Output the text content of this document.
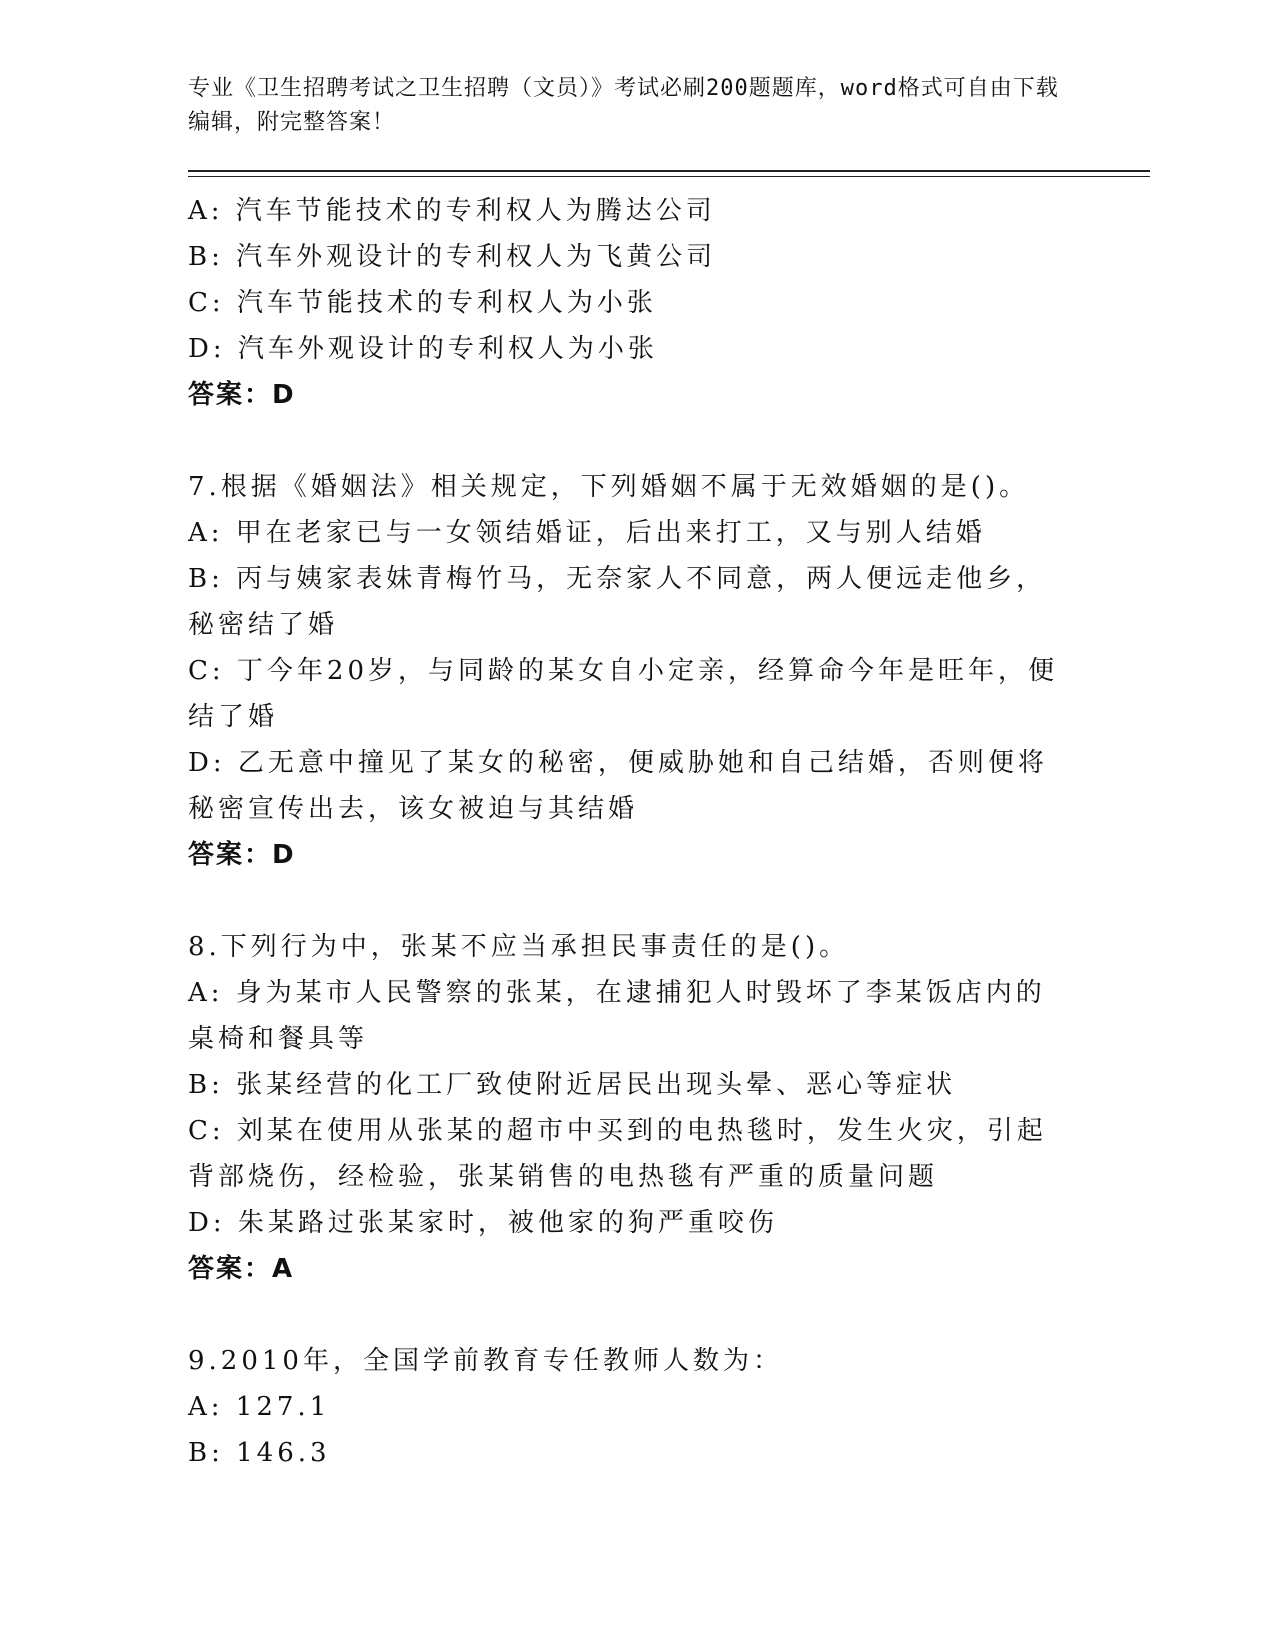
专业《卫生招聘考试之卫生招聘（文员）》考试必刷200题题库，word格式可自由下载编辑，附完整答案！
A: 汽车节能技术的专利权人为腾达公司
B: 汽车外观设计的专利权人为飞黄公司
C: 汽车节能技术的专利权人为小张
D: 汽车外观设计的专利权人为小张
答案：D
7.根据《婚姻法》相关规定，下列婚姻不属于无效婚姻的是()。
A: 甲在老家已与一女领结婚证，后出来打工，又与别人结婚
B: 丙与姨家表妹青梅竹马，无奈家人不同意，两人便远走他乡，秘密结了婚
C: 丁今年20岁，与同龄的某女自小定亲，经算命今年是旺年，便结了婚
D: 乙无意中撞见了某女的秘密，便威胁她和自己结婚，否则便将秘密宣传出去，该女被迫与其结婚
答案：D
8.下列行为中，张某不应当承担民事责任的是()。
A: 身为某市人民警察的张某，在逮捕犯人时毁坏了李某饭店内的桌椅和餐具等
B: 张某经营的化工厂致使附近居民出现头晕、恶心等症状
C: 刘某在使用从张某的超市中买到的电热毯时，发生火灾，引起背部烧伤，经检验，张某销售的电热毯有严重的质量问题
D: 朱某路过张某家时，被他家的狗严重咬伤
答案：A
9.2010年，全国学前教育专任教师人数为：
A: 127.1
B: 146.3
